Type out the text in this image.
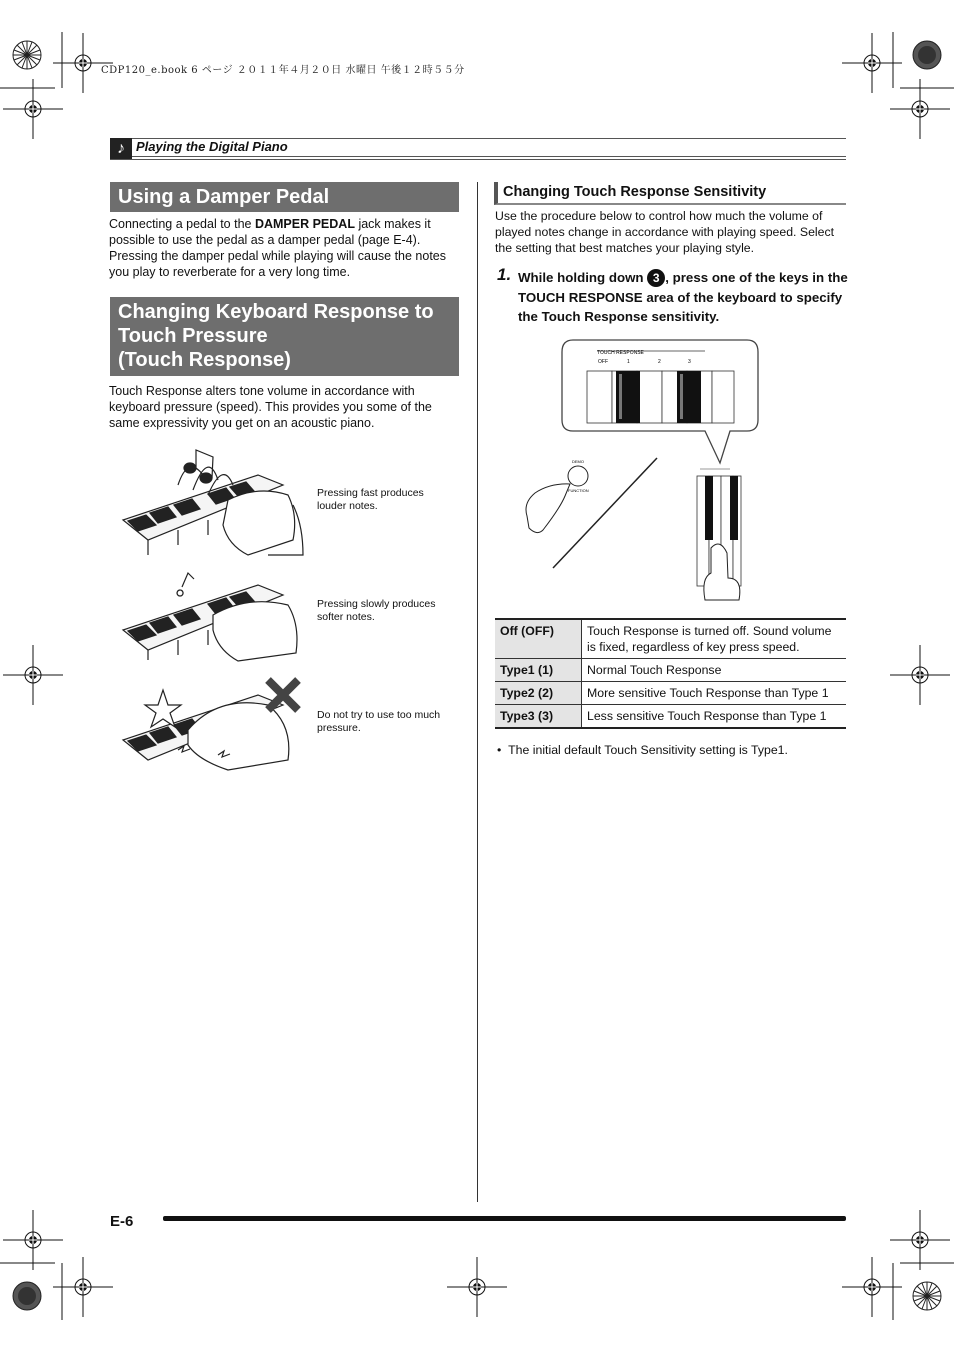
CDP120_e.book 6 ページ ２０１１年４月２０日 水曜日 午後１２時５５分
♪ Playing the Digital Piano
Using a Damper Pedal
Connecting a pedal to the DAMPER PEDAL jack makes it possible to use the pedal as a damper pedal (page E-4). Pressing the damper pedal while playing will cause the notes you play to reverberate for a very long time.
Changing Keyboard Response to
Touch Pressure
(Touch Response)
Touch Response alters tone volume in accordance with keyboard pressure (speed). This provides you some of the same expressivity you get on an acoustic piano.
Pressing fast produces louder notes.
Pressing slowly produces softer notes.
Do not try to use too much pressure.
Changing Touch Response Sensitivity
Use the procedure below to control how much the volume of played notes change in accordance with playing speed. Select the setting that best matches your playing style.
1. While holding down 3 , press one of the keys in the TOUCH RESPONSE area of the keyboard to specify the Touch Response sensitivity.
TOUCH RESPONSE
OFF	1	2	3
DEMO
FUNCTION
Off (OFF)	Touch Response is turned off. Sound volume is fixed, regardless of key press speed.
Type1 (1)	Normal Touch Response
Type2 (2)	More sensitive Touch Response than Type 1
Type3 (3)	Less sensitive Touch Response than Type 1
•  The initial default Touch Sensitivity setting is Type1.
E-6
